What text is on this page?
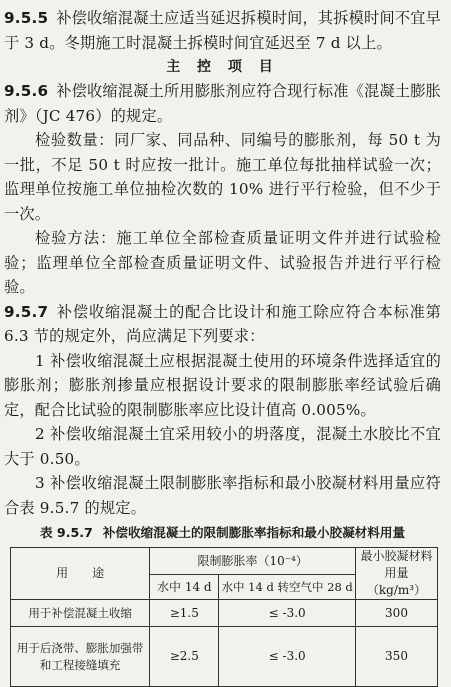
9.5.5 补偿收缩混凝土应适当延迟拆模时间，其拆模时间不宜早于 3 d。冬期施工时混凝土拆模时间宜延迟至 7 d 以上。

主 控 项 目

9.5.6 补偿收缩混凝土所用膨胀剂应符合现行标准《混凝土膨胀剂》（JC 476）的规定。

检验数量：同厂家、同品种、同编号的膨胀剂，每 50 t 为一批，不足 50 t 时应按一批计。施工单位每批抽样试验一次；监理单位按施工单位抽检次数的 10% 进行平行检验，但不少于一次。

检验方法：施工单位全部检查质量证明文件并进行试验检验；监理单位全部检查质量证明文件、试验报告并进行平行检验。

9.5.7 补偿收缩混凝土的配合比设计和施工除应符合本标准第 6.3 节的规定外，尚应满足下列要求：

1 补偿收缩混凝土应根据混凝土使用的环境条件选择适宜的膨胀剂；膨胀剂掺量应根据设计要求的限制膨胀率经试验后确定，配合比试验的限制膨胀率应比设计值高 0.005%。

2 补偿收缩混凝土宜采用较小的坍落度，混凝土水胶比不宜大于 0.50。

3 补偿收缩混凝土限制膨胀率指标和最小胶凝材料用量应符合表 9.5.7 的规定。

表 9.5.7 补偿收缩混凝土的限制膨胀率指标和最小胶凝材料用量
用　　途	限制膨胀率（10⁻⁴）		最小胶凝材料
用量（kg/m³）

	水中 14 d	水中 14 d 转空气中 28 d	

用于补偿混凝土收缩	≥1.5	≤ -3.0	300

用于后浇带、膨胀加强带
和工程接缝填充	≥2.5	≤ -3.0	350
